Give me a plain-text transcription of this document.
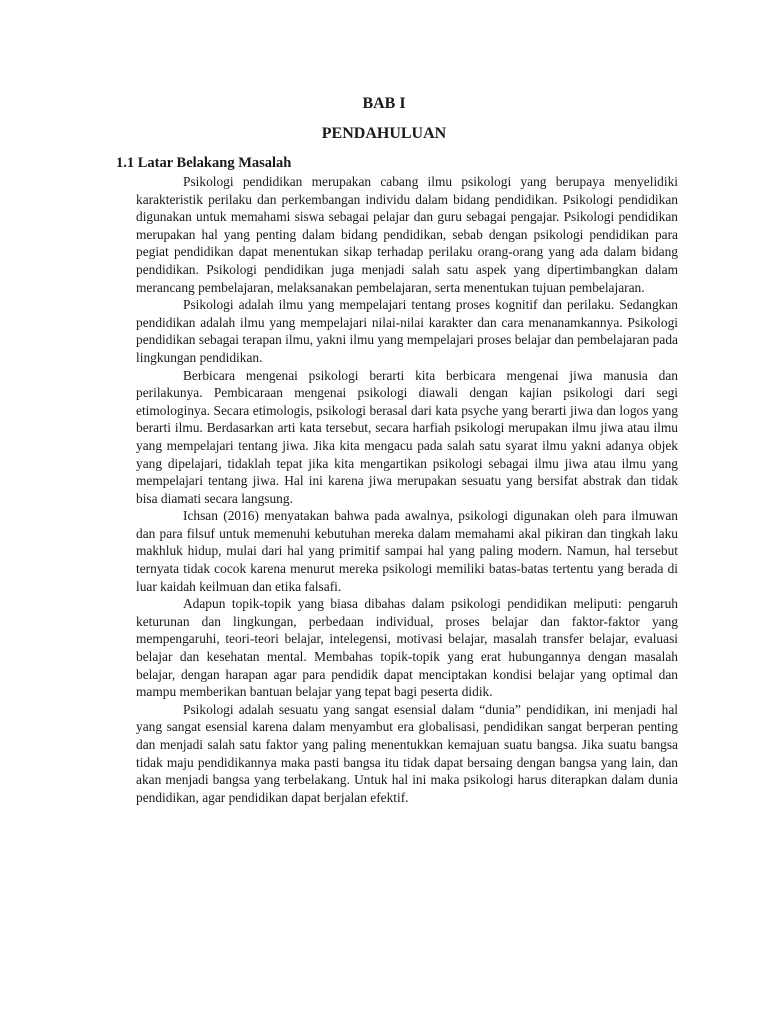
BAB I
PENDAHULUAN
1.1 Latar Belakang Masalah

Psikologi pendidikan merupakan cabang ilmu psikologi yang berupaya menyelidiki karakteristik perilaku dan perkembangan individu dalam bidang pendidikan. Psikologi pendidikan digunakan untuk memahami siswa sebagai pelajar dan guru sebagai pengajar. Psikologi pendidikan merupakan hal yang penting dalam bidang pendidikan, sebab dengan psikologi pendidikan para pegiat pendidikan dapat menentukan sikap terhadap perilaku orang-orang yang ada dalam bidang pendidikan. Psikologi pendidikan juga menjadi salah satu aspek yang dipertimbangkan dalam merancang pembelajaran, melaksanakan pembelajaran, serta menentukan tujuan pembelajaran.

Psikologi adalah ilmu yang mempelajari tentang proses kognitif dan perilaku. Sedangkan pendidikan adalah ilmu yang mempelajari nilai-nilai karakter dan cara menanamkannya. Psikologi pendidikan sebagai terapan ilmu, yakni ilmu yang mempelajari proses belajar dan pembelajaran pada lingkungan pendidikan.

Berbicara mengenai psikologi berarti kita berbicara mengenai jiwa manusia dan perilakunya. Pembicaraan mengenai psikologi diawali dengan kajian psikologi dari segi etimologinya. Secara etimologis, psikologi berasal dari kata psyche yang berarti jiwa dan logos yang berarti ilmu. Berdasarkan arti kata tersebut, secara harfiah psikologi merupakan ilmu jiwa atau ilmu yang mempelajari tentang jiwa. Jika kita mengacu pada salah satu syarat ilmu yakni adanya objek yang dipelajari, tidaklah tepat jika kita mengartikan psikologi sebagai ilmu jiwa atau ilmu yang mempelajari tentang jiwa. Hal ini karena jiwa merupakan sesuatu yang bersifat abstrak dan tidak bisa diamati secara langsung.

Ichsan (2016) menyatakan bahwa pada awalnya, psikologi digunakan oleh para ilmuwan dan para filsuf untuk memenuhi kebutuhan mereka dalam memahami akal pikiran dan tingkah laku makhluk hidup, mulai dari hal yang primitif sampai hal yang paling modern. Namun, hal tersebut ternyata tidak cocok karena menurut mereka psikologi memiliki batas-batas tertentu yang berada di luar kaidah keilmuan dan etika falsafi.

Adapun topik-topik yang biasa dibahas dalam psikologi pendidikan meliputi: pengaruh keturunan dan lingkungan, perbedaan individual, proses belajar dan faktor-faktor yang mempengaruhi, teori-teori belajar, intelegensi, motivasi belajar, masalah transfer belajar, evaluasi belajar dan kesehatan mental. Membahas topik-topik yang erat hubungannya dengan masalah belajar, dengan harapan agar para pendidik dapat menciptakan kondisi belajar yang optimal dan mampu memberikan bantuan belajar yang tepat bagi peserta didik.

Psikologi adalah sesuatu yang sangat esensial dalam “dunia” pendidikan, ini menjadi hal yang sangat esensial karena dalam menyambut era globalisasi, pendidikan sangat berperan penting dan menjadi salah satu faktor yang paling menentukkan kemajuan suatu bangsa. Jika suatu bangsa tidak maju pendidikannya maka pasti bangsa itu tidak dapat bersaing dengan bangsa yang lain, dan akan menjadi bangsa yang terbelakang. Untuk hal ini maka psikologi harus diterapkan dalam dunia pendidikan, agar pendidikan dapat berjalan efektif.
